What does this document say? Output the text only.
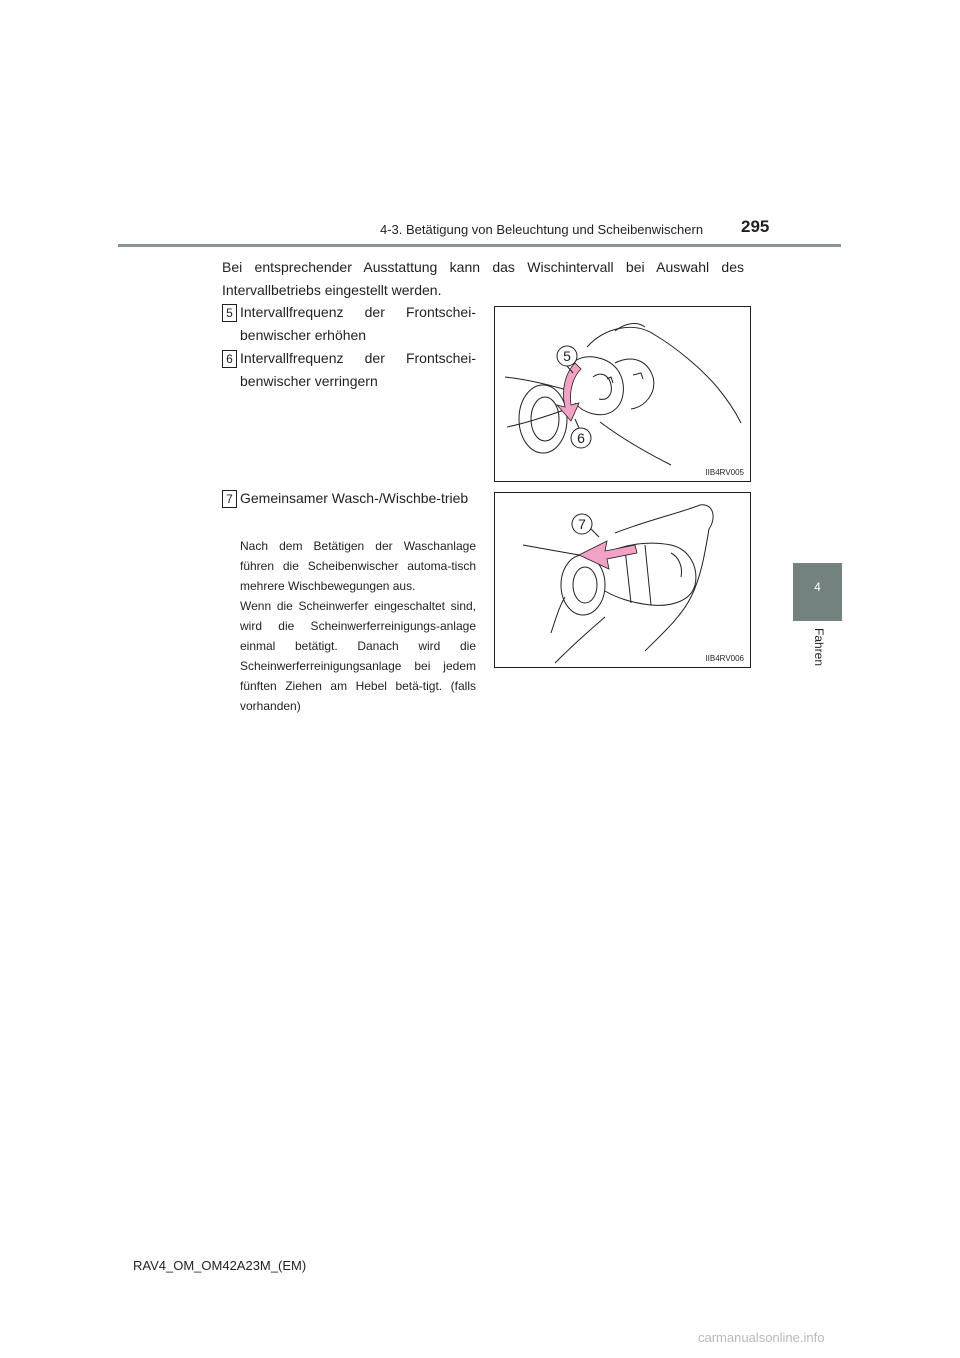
4-3. Betätigung von Beleuchtung und Scheibenwischern 295
4
Fahren
Bei entsprechender Ausstattung kann das Wischintervall bei Auswahl des Intervallbetriebs eingestellt werden.
5 Intervallfrequenz der Frontschei-benwischer erhöhen
6 Intervallfrequenz der Frontschei-benwischer verringern
7 Gemeinsamer Wasch-/Wischbe-trieb
Nach dem Betätigen der Waschanlage führen die Scheibenwischer automa-tisch mehrere Wischbewegungen aus.
Wenn die Scheinwerfer eingeschaltet sind, wird die Scheinwerferreinigungs-anlage einmal betätigt. Danach wird die Scheinwerferreinigungsanlage bei jedem fünften Ziehen am Hebel betä-tigt. (falls vorhanden)
5
6
IIB4RV005
7
IIB4RV006
RAV4_OM_OM42A23M_(EM)
carmanualsonline.info
